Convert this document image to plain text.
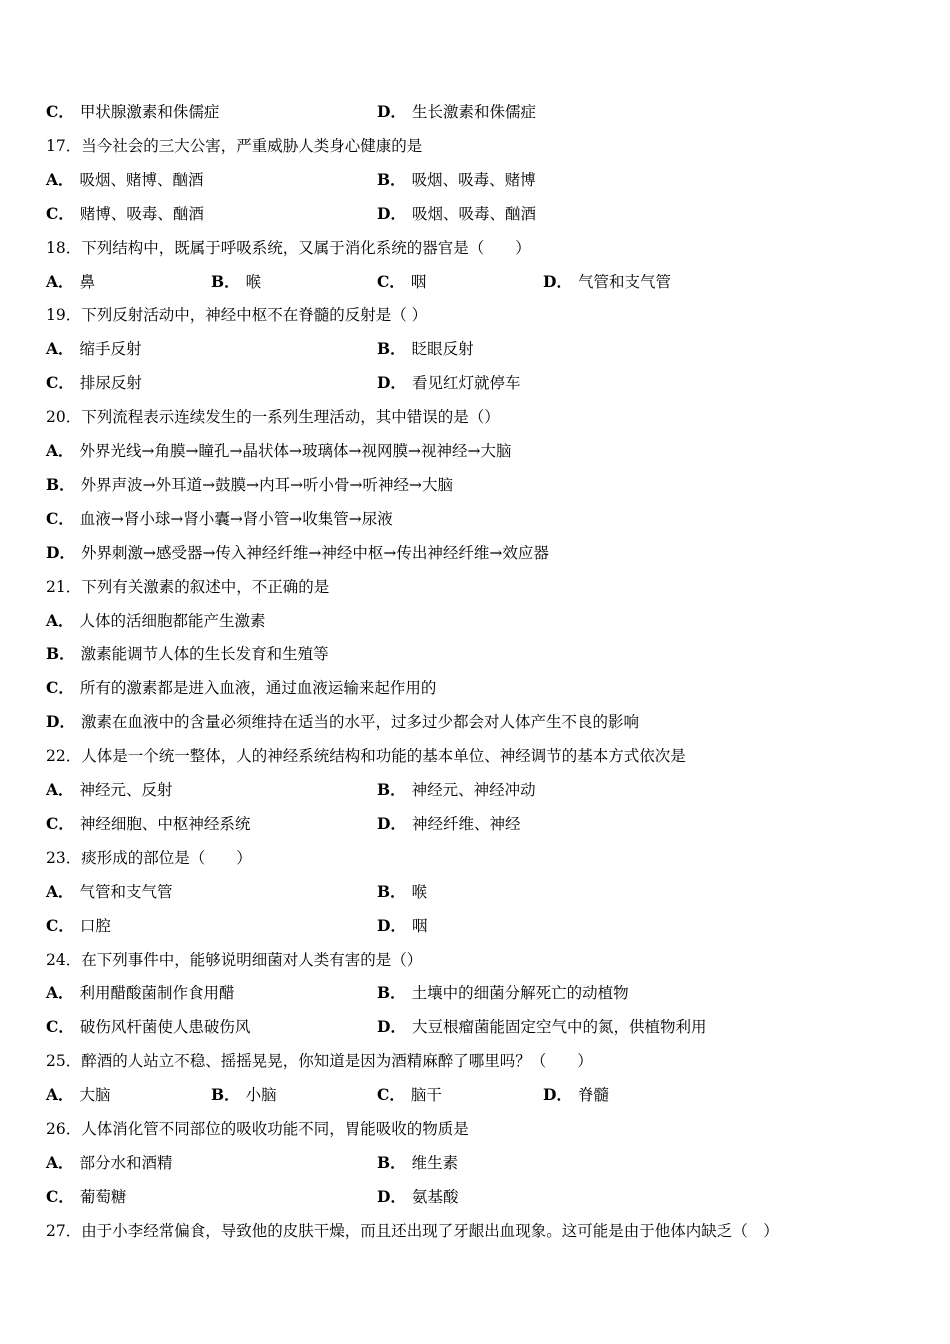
C． 甲状腺激素和侏儒症	D． 生长激素和侏儒症
17．当今社会的三大公害，严重威胁人类身心健康的是
A． 吸烟、赌博、酗酒	B． 吸烟、吸毒、赌博
C． 赌博、吸毒、酗酒	D． 吸烟、吸毒、酗酒
18．下列结构中，既属于呼吸系统，又属于消化系统的器官是（　　）
A． 鼻	B． 喉	C． 咽	D． 气管和支气管
19．下列反射活动中，神经中枢不在脊髓的反射是（ ）
A． 缩手反射	B． 眨眼反射
C． 排尿反射	D． 看见红灯就停车
20．下列流程表示连续发生的一系列生理活动，其中错误的是（）
A． 外界光线→角膜→瞳孔→晶状体→玻璃体→视网膜→视神经→大脑
B． 外界声波→外耳道→鼓膜→内耳→听小骨→听神经→大脑
C． 血液→肾小球→肾小囊→肾小管→收集管→尿液
D． 外界刺激→感受器→传入神经纤维→神经中枢→传出神经纤维→效应器
21．下列有关激素的叙述中，不正确的是
A． 人体的活细胞都能产生激素
B． 激素能调节人体的生长发育和生殖等
C． 所有的激素都是进入血液，通过血液运输来起作用的
D． 激素在血液中的含量必须维持在适当的水平，过多过少都会对人体产生不良的影响
22．人体是一个统一整体，人的神经系统结构和功能的基本单位、神经调节的基本方式依次是
A． 神经元、反射	B． 神经元、神经冲动
C． 神经细胞、中枢神经系统	D． 神经纤维、神经
23．痰形成的部位是（　　）
A． 气管和支气管	B． 喉
C． 口腔	D． 咽
24．在下列事件中，能够说明细菌对人类有害的是（）
A． 利用醋酸菌制作食用醋	B． 土壤中的细菌分解死亡的动植物
C． 破伤风杆菌使人患破伤风	D． 大豆根瘤菌能固定空气中的氮，供植物利用
25．醉酒的人站立不稳、摇摇晃晃，你知道是因为酒精麻醉了哪里吗？（　　）
A． 大脑	B． 小脑	C． 脑干	D． 脊髓
26．人体消化管不同部位的吸收功能不同，胃能吸收的物质是
A． 部分水和酒精	B． 维生素
C． 葡萄糖	D． 氨基酸
27．由于小李经常偏食，导致他的皮肤干燥，而且还出现了牙龈出血现象。这可能是由于他体内缺乏（　）
